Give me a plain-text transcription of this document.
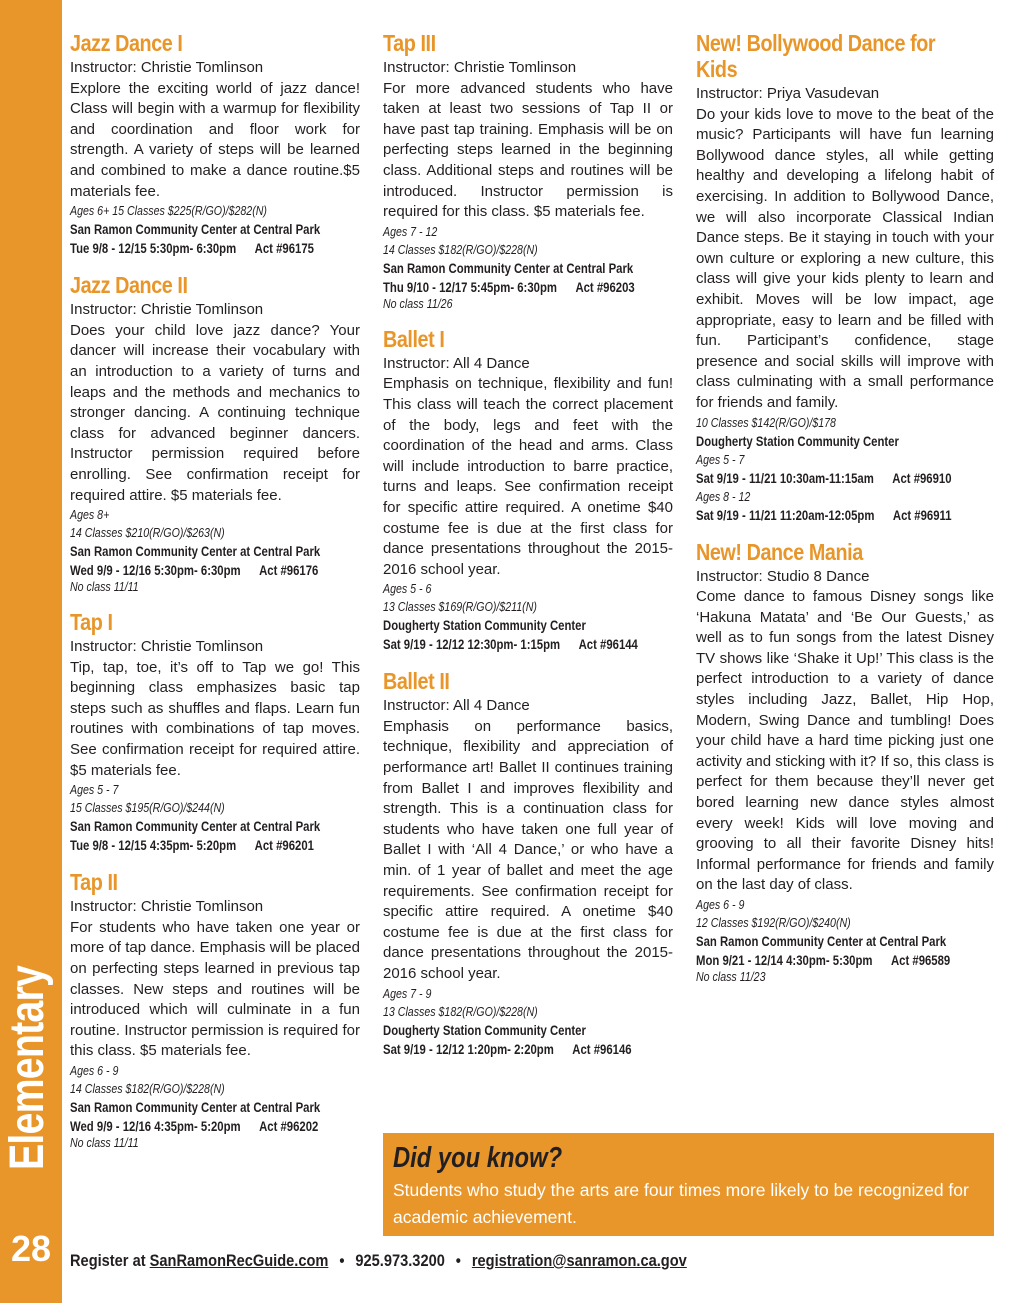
Elementary
28
Jazz Dance I
Instructor: Christie Tomlinson
Explore the exciting world of jazz dance! Class will begin with a warmup for flexibility and coordination and floor work for strength. A variety of steps will be learned and combined to make a dance routine.$5 materials fee.
Ages 6+ 15 Classes $225(R/GO)/$282(N)
San Ramon Community Center at Central Park
Tue 9/8 - 12/15 5:30pm- 6:30pm Act #96175
Jazz Dance II
Instructor: Christie Tomlinson
Does your child love jazz dance? Your dancer will increase their vocabulary with an introduction to a variety of turns and leaps and the methods and mechanics to stronger dancing. A continuing technique class for advanced beginner dancers. Instructor permission required before enrolling. See confirmation receipt for required attire. $5 materials fee.
Ages 8+
14 Classes $210(R/GO)/$263(N)
San Ramon Community Center at Central Park
Wed 9/9 - 12/16 5:30pm- 6:30pm Act #96176
No class 11/11
Tap I
Instructor: Christie Tomlinson
Tip, tap, toe, it’s off to Tap we go! This beginning class emphasizes basic tap steps such as shuffles and flaps. Learn fun routines with combinations of tap moves. See confirmation receipt for required attire. $5 materials fee.
Ages 5 - 7
15 Classes $195(R/GO)/$244(N)
San Ramon Community Center at Central Park
Tue 9/8 - 12/15 4:35pm- 5:20pm Act #96201
Tap II
Instructor: Christie Tomlinson
For students who have taken one year or more of tap dance. Emphasis will be placed on perfecting steps learned in previous tap classes. New steps and routines will be introduced which will culminate in a fun routine. Instructor permission is required for this class. $5 materials fee.
Ages 6 - 9
14 Classes $182(R/GO)/$228(N)
San Ramon Community Center at Central Park
Wed 9/9 - 12/16 4:35pm- 5:20pm Act #96202
No class 11/11
Tap III
Instructor: Christie Tomlinson
For more advanced students who have taken at least two sessions of Tap II or have past tap training. Emphasis will be on perfecting steps learned in the beginning class. Additional steps and routines will be introduced. Instructor permission is required for this class. $5 materials fee.
Ages 7 - 12
14 Classes $182(R/GO)/$228(N)
San Ramon Community Center at Central Park
Thu 9/10 - 12/17 5:45pm- 6:30pm Act #96203
No class 11/26
Ballet I
Instructor: All 4 Dance
Emphasis on technique, flexibility and fun! This class will teach the correct placement of the body, legs and feet with the coordination of the head and arms. Class will include introduction to barre practice, turns and leaps. See confirmation receipt for specific attire required. A onetime $40 costume fee is due at the first class for dance presentations throughout the 2015-2016 school year.
Ages 5 - 6
13 Classes $169(R/GO)/$211(N)
Dougherty Station Community Center
Sat 9/19 - 12/12 12:30pm- 1:15pm Act #96144
Ballet II
Instructor: All 4 Dance
Emphasis on performance basics, technique, flexibility and appreciation of performance art! Ballet II continues training from Ballet I and improves flexibility and strength. This is a continuation class for students who have taken one full year of Ballet I with ‘All 4 Dance,’ or who have a min. of 1 year of ballet and meet the age requirements. See confirmation receipt for specific attire required. A onetime $40 costume fee is due at the first class for dance presentations throughout the 2015-2016 school year.
Ages 7 - 9
13 Classes $182(R/GO)/$228(N)
Dougherty Station Community Center
Sat 9/19 - 12/12 1:20pm- 2:20pm Act #96146
New! Bollywood Dance for Kids
Instructor: Priya Vasudevan
Do your kids love to move to the beat of the music? Participants will have fun learning Bollywood dance styles, all while getting healthy and developing a lifelong habit of exercising. In addition to Bollywood Dance, we will also incorporate Classical Indian Dance steps. Be it staying in touch with your own culture or exploring a new culture, this class will give your kids plenty to learn and exhibit. Moves will be low impact, age appropriate, easy to learn and be filled with fun. Participant’s confidence, stage presence and social skills will improve with class culminating with a small performance for friends and family.
10 Classes $142(R/GO)/$178
Dougherty Station Community Center
Ages 5 - 7
Sat 9/19 - 11/21 10:30am-11:15am Act #96910
Ages 8 - 12
Sat 9/19 - 11/21 11:20am-12:05pm Act #96911
New! Dance Mania
Instructor: Studio 8 Dance
Come dance to famous Disney songs like ‘Hakuna Matata’ and ‘Be Our Guests,’ as well as to fun songs from the latest Disney TV shows like ‘Shake it Up!’ This class is the perfect introduction to a variety of dance styles including Jazz, Ballet, Hip Hop, Modern, Swing Dance and tumbling! Does your child have a hard time picking just one activity and sticking with it? If so, this class is perfect for them because they’ll never get bored learning new dance styles almost every week! Kids will love moving and grooving to all their favorite Disney hits! Informal performance for friends and family on the last day of class.
Ages 6 - 9
12 Classes $192(R/GO)/$240(N)
San Ramon Community Center at Central Park
Mon 9/21 - 12/14 4:30pm- 5:30pm Act #96589
No class 11/23
Did you know?
Students who study the arts are four times more likely to be recognized for academic achievement.
Register at SanRamonRecGuide.com • 925.973.3200 • registration@sanramon.ca.gov
